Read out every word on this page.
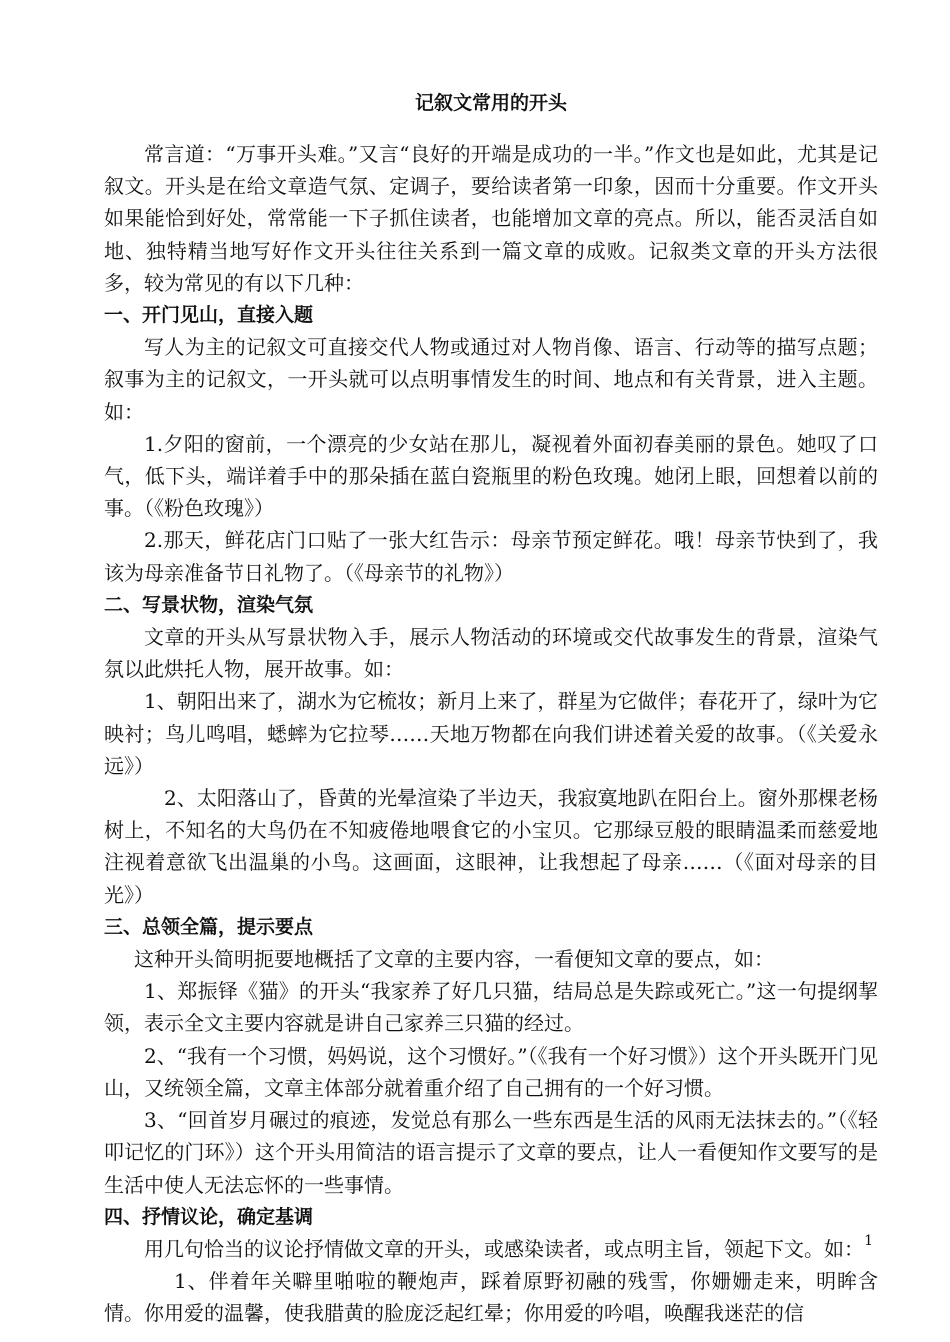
记叙文常用的开头

常言道：“万事开头难。”又言“良好的开端是成功的一半。”作文也是如此，尤其是记叙文。开头是在给文章造气氛、定调子，要给读者第一印象，因而十分重要。作文开头如果能恰到好处，常常能一下子抓住读者，也能增加文章的亮点。所以，能否灵活自如地、独特精当地写好作文开头往往关系到一篇文章的成败。记叙类文章的开头方法很多，较为常见的有以下几种：

一、开门见山，直接入题

写人为主的记叙文可直接交代人物或通过对人物肖像、语言、行动等的描写点题；叙事为主的记叙文，一开头就可以点明事情发生的时间、地点和有关背景，进入主题。如：

1.夕阳的窗前，一个漂亮的少女站在那儿，凝视着外面初春美丽的景色。她叹了口气，低下头，端详着手中的那朵插在蓝白瓷瓶里的粉色玫瑰。她闭上眼，回想着以前的事。（《粉色玫瑰》）

2.那天，鲜花店门口贴了一张大红告示：母亲节预定鲜花。哦！母亲节快到了，我该为母亲准备节日礼物了。（《母亲节的礼物》）

二、写景状物，渲染气氛

文章的开头从写景状物入手，展示人物活动的环境或交代故事发生的背景，渲染气氛以此烘托人物，展开故事。如：

1、朝阳出来了，湖水为它梳妆；新月上来了，群星为它做伴；春花开了，绿叶为它映衬；鸟儿鸣唱，蟋蟀为它拉琴……天地万物都在向我们讲述着关爱的故事。（《关爱永远》）

2、太阳落山了，昏黄的光晕渲染了半边天，我寂寞地趴在阳台上。窗外那棵老杨树上，不知名的大鸟仍在不知疲倦地喂食它的小宝贝。它那绿豆般的眼睛温柔而慈爱地注视着意欲飞出温巢的小鸟。这画面，这眼神，让我想起了母亲……（《面对母亲的目光》）

三、总领全篇，提示要点

这种开头简明扼要地概括了文章的主要内容，一看便知文章的要点，如：

1、郑振铎《猫》的开头“我家养了好几只猫，结局总是失踪或死亡。”这一句提纲挈领，表示全文主要内容就是讲自己家养三只猫的经过。

2、“我有一个习惯，妈妈说，这个习惯好。”（《我有一个好习惯》）这个开头既开门见山，又统领全篇，文章主体部分就着重介绍了自己拥有的一个好习惯。

3、“回首岁月碾过的痕迹，发觉总有那么一些东西是生活的风雨无法抹去的。”（《轻叩记忆的门环》）这个开头用简洁的语言提示了文章的要点，让人一看便知作文要写的是生活中使人无法忘怀的一些事情。

四、抒情议论，确定基调

用几句恰当的议论抒情做文章的开头，或感染读者，或点明主旨，领起下文。如：

1、伴着年关噼里啪啦的鞭炮声，踩着原野初融的残雪，你姗姗走来，明眸含情。你用爱的温馨，使我腊黄的脸庞泛起红晕；你用爱的吟唱，唤醒我迷茫的信

1
